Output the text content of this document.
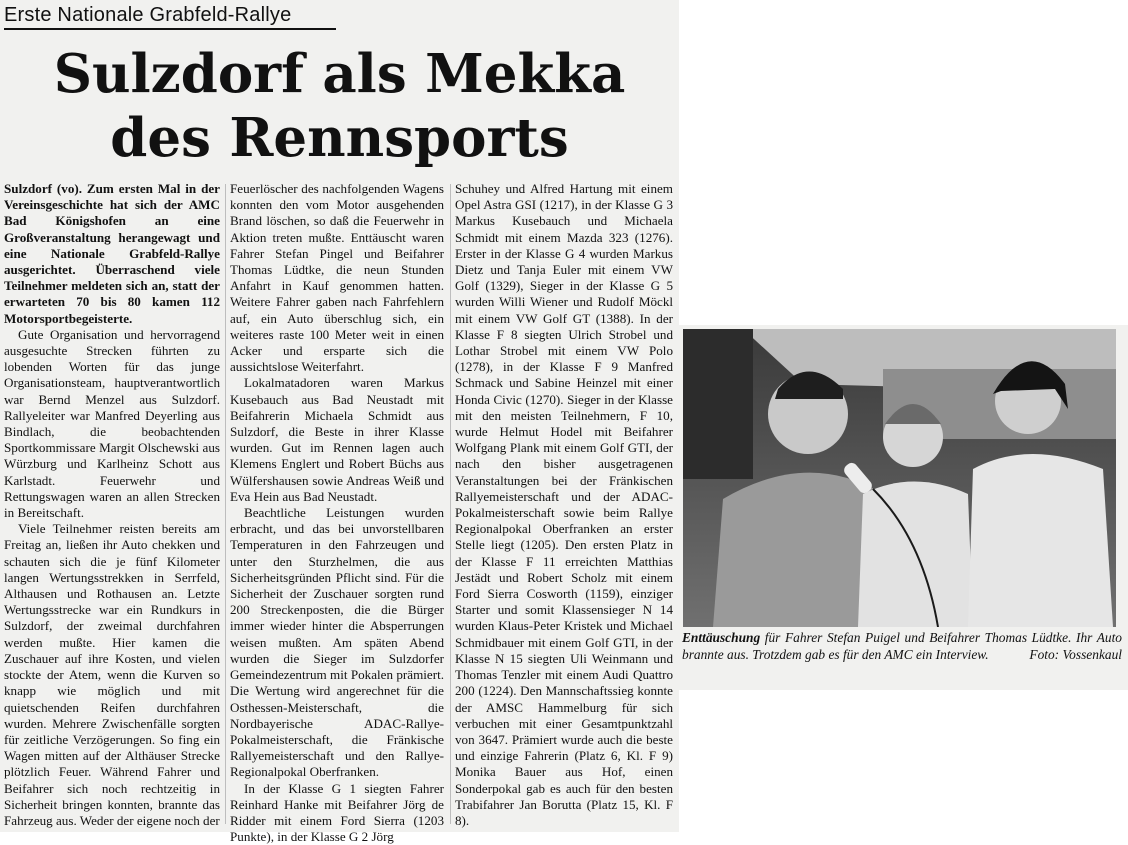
Erste Nationale Grabfeld-Rallye
Sulzdorf als Mekka
des Rennsports

Sulzdorf (vo). Zum ersten Mal in der Vereinsgeschichte hat sich der AMC Bad Königshofen an eine Großveranstaltung herangewagt und eine Nationale Grabfeld-Rallye ausgerichtet. Überraschend viele Teilnehmer meldeten sich an, statt der erwarteten 70 bis 80 kamen 112 Motorsportbegeisterte.

Gute Organisation und hervorragend ausgesuchte Strecken führten zu lobenden Worten für das junge Organisationsteam, hauptverantwortlich war Bernd Menzel aus Sulzdorf. Rallyeleiter war Manfred Deyerling aus Bindlach, die beobachtenden Sportkommissare Margit Olschewski aus Würzburg und Karlheinz Schott aus Karlstadt. Feuerwehr und Rettungswagen waren an allen Strecken in Bereitschaft.

Viele Teilnehmer reisten bereits am Freitag an, ließen ihr Auto chekken und schauten sich die je fünf Kilometer langen Wertungsstrekken in Serrfeld, Althausen und Rothausen an. Letzte Wertungsstrecke war ein Rundkurs in Sulzdorf, der zweimal durchfahren werden mußte. Hier kamen die Zuschauer auf ihre Kosten, und vielen stockte der Atem, wenn die Kurven so knapp wie möglich und mit quietschenden Reifen durchfahren wurden. Mehrere Zwischenfälle sorgten für zeitliche Verzögerungen. So fing ein Wagen mitten auf der Althäuser Strecke plötzlich Feuer. Während Fahrer und Beifahrer sich noch rechtzeitig in Sicherheit bringen konnten, brannte das Fahrzeug aus. Weder der eigene noch der

Feuerlöscher des nachfolgenden Wagens konnten den vom Motor ausgehenden Brand löschen, so daß die Feuerwehr in Aktion treten mußte. Enttäuscht waren Fahrer Stefan Pingel und Beifahrer Thomas Lüdtke, die neun Stunden Anfahrt in Kauf genommen hatten. Weitere Fahrer gaben nach Fahrfehlern auf, ein Auto überschlug sich, ein weiteres raste 100 Meter weit in einen Acker und ersparte sich die aussichtslose Weiterfahrt.

Lokalmatadoren waren Markus Kusebauch aus Bad Neustadt mit Beifahrerin Michaela Schmidt aus Sulzdorf, die Beste in ihrer Klasse wurden. Gut im Rennen lagen auch Klemens Englert und Robert Büchs aus Wülfershausen sowie Andreas Weiß und Eva Hein aus Bad Neustadt.

Beachtliche Leistungen wurden erbracht, und das bei unvorstellbaren Temperaturen in den Fahrzeugen und unter den Sturzhelmen, die aus Sicherheitsgründen Pflicht sind. Für die Sicherheit der Zuschauer sorgten rund 200 Streckenposten, die die Bürger immer wieder hinter die Absperrungen weisen mußten. Am späten Abend wurden die Sieger im Sulzdorfer Gemeindezentrum mit Pokalen prämiert. Die Wertung wird angerechnet für die Osthessen-Meisterschaft, die Nordbayerische ADAC-Rallye-Pokalmeisterschaft, die Fränkische Rallyemeisterschaft und den Rallye-Regionalpokal Oberfranken.

In der Klasse G 1 siegten Fahrer Reinhard Hanke mit Beifahrer Jörg de Ridder mit einem Ford Sierra (1203 Punkte), in der Klasse G 2 Jörg

Schuhey und Alfred Hartung mit einem Opel Astra GSI (1217), in der Klasse G 3 Markus Kusebauch und Michaela Schmidt mit einem Mazda 323 (1276). Erster in der Klasse G 4 wurden Markus Dietz und Tanja Euler mit einem VW Golf (1329), Sieger in der Klasse G 5 wurden Willi Wiener und Rudolf Möckl mit einem VW Golf GT (1388). In der Klasse F 8 siegten Ulrich Strobel und Lothar Strobel mit einem VW Polo (1278), in der Klasse F 9 Manfred Schmack und Sabine Heinzel mit einer Honda Civic (1270). Sieger in der Klasse mit den meisten Teilnehmern, F 10, wurde Helmut Hodel mit Beifahrer Wolfgang Plank mit einem Golf GTI, der nach den bisher ausgetragenen Veranstaltungen bei der Fränkischen Rallyemeisterschaft und der ADAC-Pokalmeisterschaft sowie beim Rallye Regionalpokal Oberfranken an erster Stelle liegt (1205). Den ersten Platz in der Klasse F 11 erreichten Matthias Jestädt und Robert Scholz mit einem Ford Sierra Cosworth (1159), einziger Starter und somit Klassensieger N 14 wurden Klaus-Peter Kristek und Michael Schmidbauer mit einem Golf GTI, in der Klasse N 15 siegten Uli Weinmann und Thomas Tenzler mit einem Audi Quattro 200 (1224). Den Mannschaftssieg konnte der AMSC Hammelburg für sich verbuchen mit einer Gesamtpunktzahl von 3647. Prämiert wurde auch die beste und einzige Fahrerin (Platz 6, Kl. F 9) Monika Bauer aus Hof, einen Sonderpokal gab es auch für den besten Trabifahrer Jan Borutta (Platz 15, Kl. F 8).

Enttäuschung für Fahrer Stefan Puigel und Beifahrer Thomas Lüdtke. Ihr Auto brannte aus. Trotzdem gab es für den AMC ein Interview.	Foto: Vossenkaul
